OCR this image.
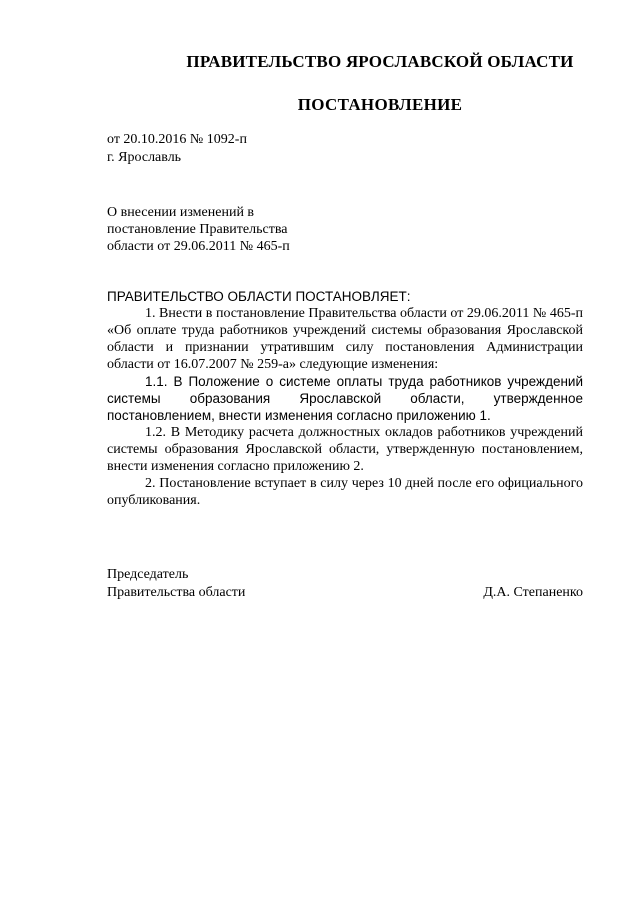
ПРАВИТЕЛЬСТВО ЯРОСЛАВСКОЙ ОБЛАСТИ
ПОСТАНОВЛЕНИЕ
от 20.10.2016 № 1092-п
г. Ярославль
О внесении изменений в
постановление Правительства
области от 29.06.2011 № 465-п

ПРАВИТЕЛЬСТВО ОБЛАСТИ ПОСТАНОВЛЯЕТ:

1. Внести в постановление Правительства области от 29.06.2011 № 465-п «Об оплате труда работников учреждений системы образования Ярославской области и признании утратившим силу постановления Администрации области от 16.07.2007 № 259-а» следующие изменения:

1.1. В Положение о системе оплаты труда работников учреждений системы образования Ярославской области, утвержденное постановлением, внести изменения согласно приложению 1.

1.2. В Методику расчета должностных окладов работников учреждений системы образования Ярославской области, утвержденную постановлением, внести изменения согласно приложению 2.

2. Постановление вступает в силу через 10 дней после его официального опубликования.

Председатель
Правительства области	Д.А. Степаненко
